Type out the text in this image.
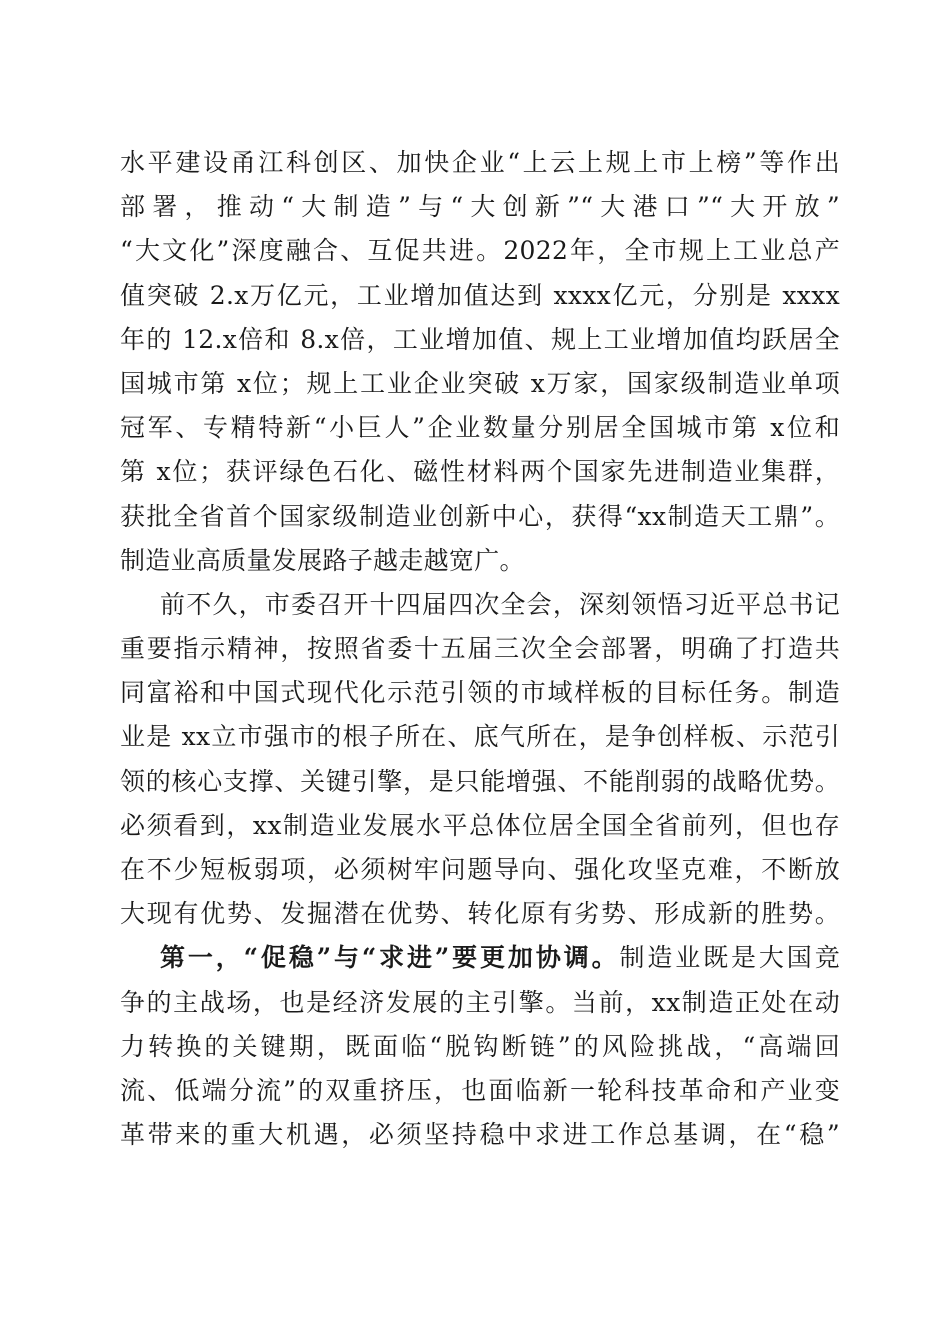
水平建设甬江科创区、加快企业“上云上规上市上榜”等作出
部署，推动“大制造”与“大创新”“大港口”“大开放”
“大文化”深度融合、互促共进。2022年，全市规上工业总产
值突破 2.x万亿元，工业增加值达到 xxxx亿元，分别是 xxxx
年的 12.x倍和 8.x倍，工业增加值、规上工业增加值均跃居全
国城市第 x位；规上工业企业突破 x万家，国家级制造业单项
冠军、专精特新“小巨人”企业数量分别居全国城市第 x位和
第 x位；获评绿色石化、磁性材料两个国家先进制造业集群，
获批全省首个国家级制造业创新中心，获得“xx制造天工鼎”。
制造业高质量发展路子越走越宽广。
前不久，市委召开十四届四次全会，深刻领悟习近平总书记
重要指示精神，按照省委十五届三次全会部署，明确了打造共
同富裕和中国式现代化示范引领的市域样板的目标任务。制造
业是 xx立市强市的根子所在、底气所在，是争创样板、示范引
领的核心支撑、关键引擎，是只能增强、不能削弱的战略优势。
必须看到，xx制造业发展水平总体位居全国全省前列，但也存
在不少短板弱项，必须树牢问题导向、强化攻坚克难，不断放
大现有优势、发掘潜在优势、转化原有劣势、形成新的胜势。
第一，“促稳”与“求进”要更加协调。制造业既是大国竞
争的主战场，也是经济发展的主引擎。当前，xx制造正处在动
力转换的关键期，既面临“脱钩断链”的风险挑战，“高端回
流、低端分流”的双重挤压，也面临新一轮科技革命和产业变
革带来的重大机遇，必须坚持稳中求进工作总基调，在“稳”
